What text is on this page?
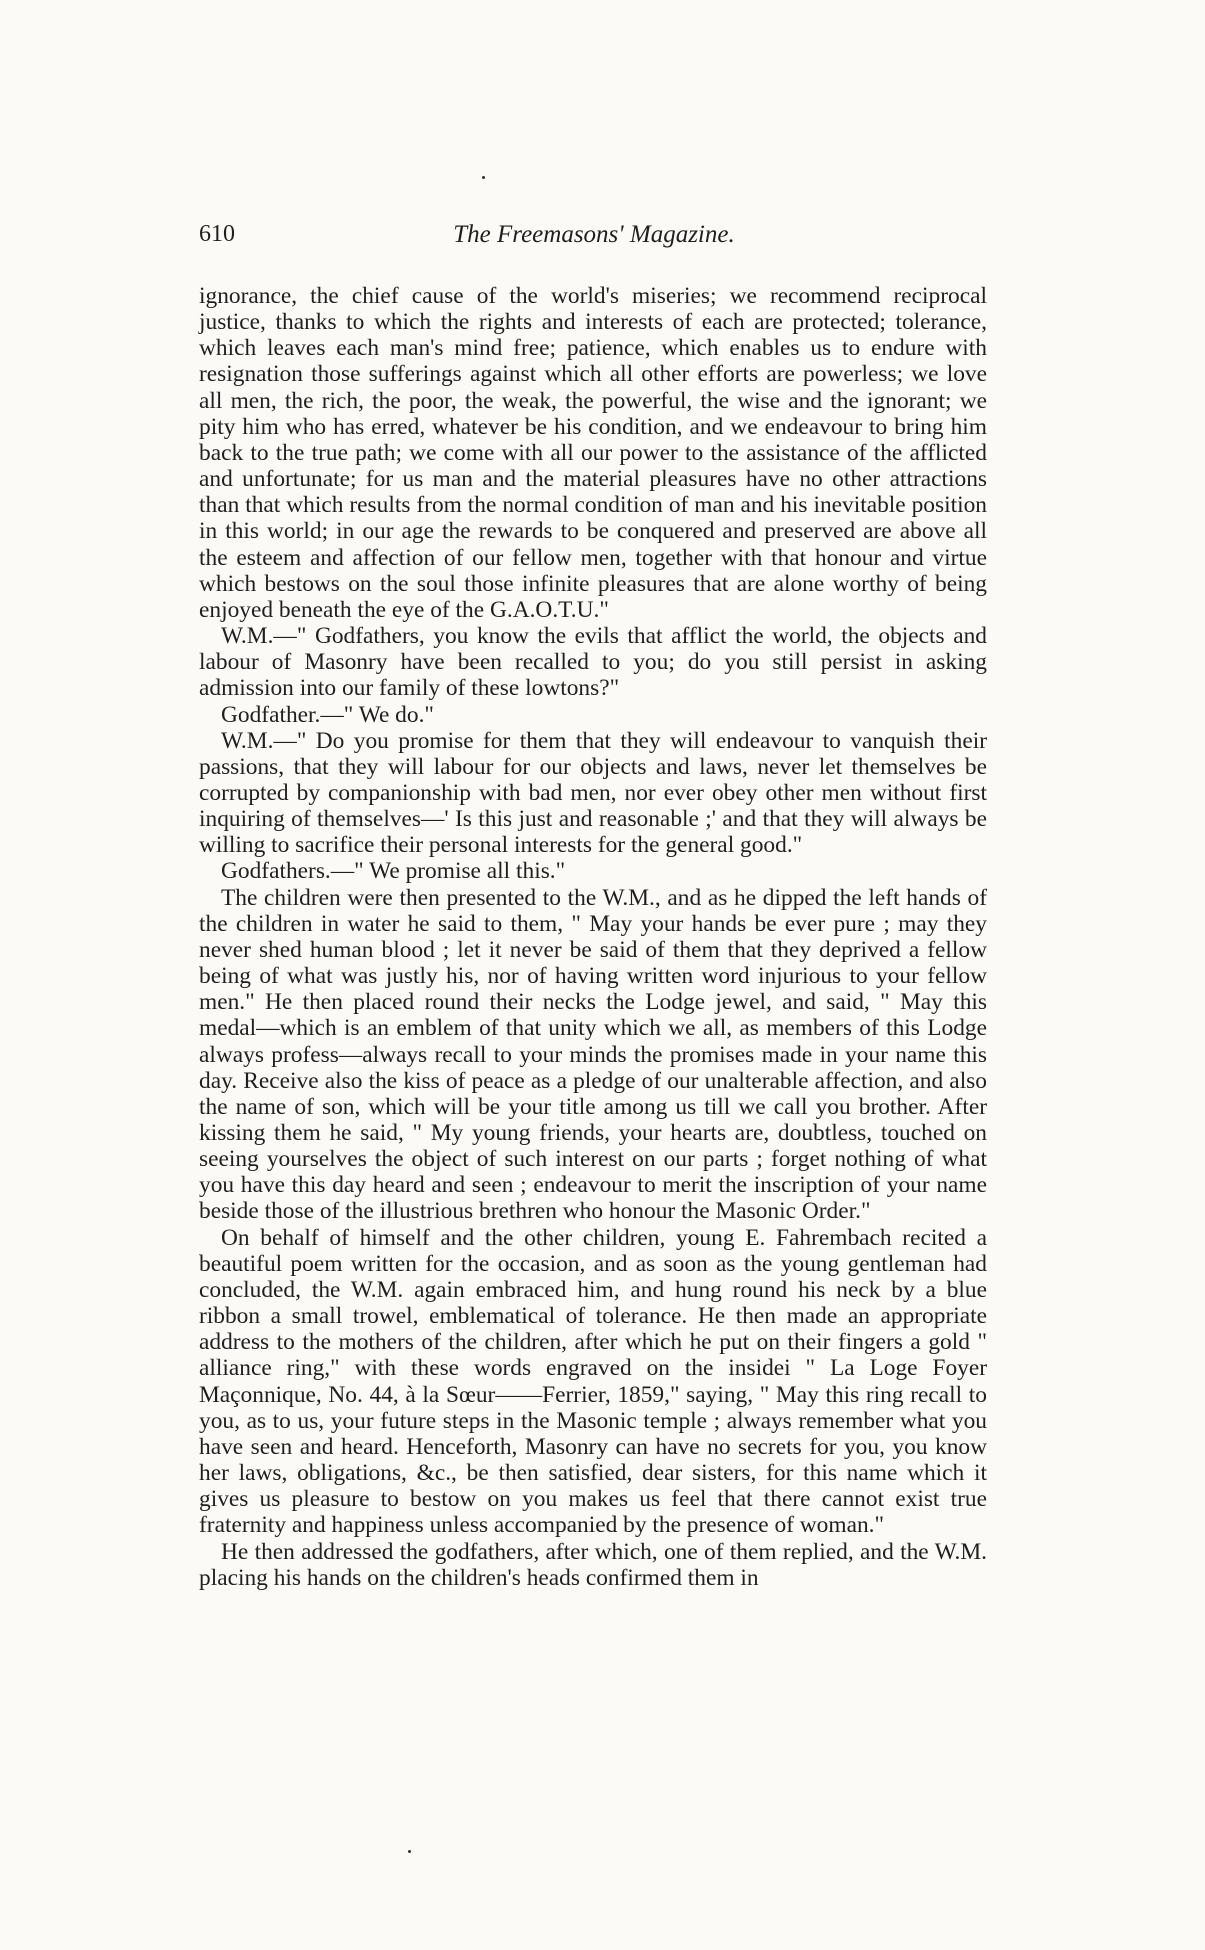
610	The Freemasons' Magazine.

ignorance, the chief cause of the world's miseries; we recommend reciprocal justice, thanks to which the rights and interests of each are protected; tolerance, which leaves each man's mind free; patience, which enables us to endure with resignation those sufferings against which all other efforts are powerless; we love all men, the rich, the poor, the weak, the powerful, the wise and the ignorant; we pity him who has erred, whatever be his condition, and we endeavour to bring him back to the true path; we come with all our power to the assistance of the afflicted and unfortunate; for us man and the material pleasures have no other attractions than that which results from the normal condition of man and his inevitable position in this world; in our age the rewards to be conquered and preserved are above all the esteem and affection of our fellow men, together with that honour and virtue which bestows on the soul those infinite pleasures that are alone worthy of being enjoyed beneath the eye of the G.A.O.T.U."

W.M.—" Godfathers, you know the evils that afflict the world, the objects and labour of Masonry have been recalled to you; do you still persist in asking admission into our family of these lowtons?"

Godfather.—" We do."

W.M.—" Do you promise for them that they will endeavour to vanquish their passions, that they will labour for our objects and laws, never let themselves be corrupted by companionship with bad men, nor ever obey other men without first inquiring of themselves—' Is this just and reasonable ;' and that they will always be willing to sacrifice their personal interests for the general good."

Godfathers.—" We promise all this."

The children were then presented to the W.M., and as he dipped the left hands of the children in water he said to them, " May your hands be ever pure ; may they never shed human blood ; let it never be said of them that they deprived a fellow being of what was justly his, nor of having written word injurious to your fellow men." He then placed round their necks the Lodge jewel, and said, " May this medal—which is an emblem of that unity which we all, as members of this Lodge always profess—always recall to your minds the promises made in your name this day. Receive also the kiss of peace as a pledge of our unalterable affection, and also the name of son, which will be your title among us till we call you brother. After kissing them he said, " My young friends, your hearts are, doubtless, touched on seeing yourselves the object of such interest on our parts ; forget nothing of what you have this day heard and seen ; endeavour to merit the inscription of your name beside those of the illustrious brethren who honour the Masonic Order."

On behalf of himself and the other children, young E. Fahrembach recited a beautiful poem written for the occasion, and as soon as the young gentleman had concluded, the W.M. again embraced him, and hung round his neck by a blue ribbon a small trowel, emblematical of tolerance. He then made an appropriate address to the mothers of the children, after which he put on their fingers a gold " alliance ring," with these words engraved on the insidei " La Loge Foyer Maçonnique, No. 44, à la Sœur——Ferrier, 1859," saying, " May this ring recall to you, as to us, your future steps in the Masonic temple ; always remember what you have seen and heard. Henceforth, Masonry can have no secrets for you, you know her laws, obligations, &c., be then satisfied, dear sisters, for this name which it gives us pleasure to bestow on you makes us feel that there cannot exist true fraternity and happiness unless accompanied by the presence of woman."

He then addressed the godfathers, after which, one of them replied, and the W.M. placing his hands on the children's heads confirmed them in
